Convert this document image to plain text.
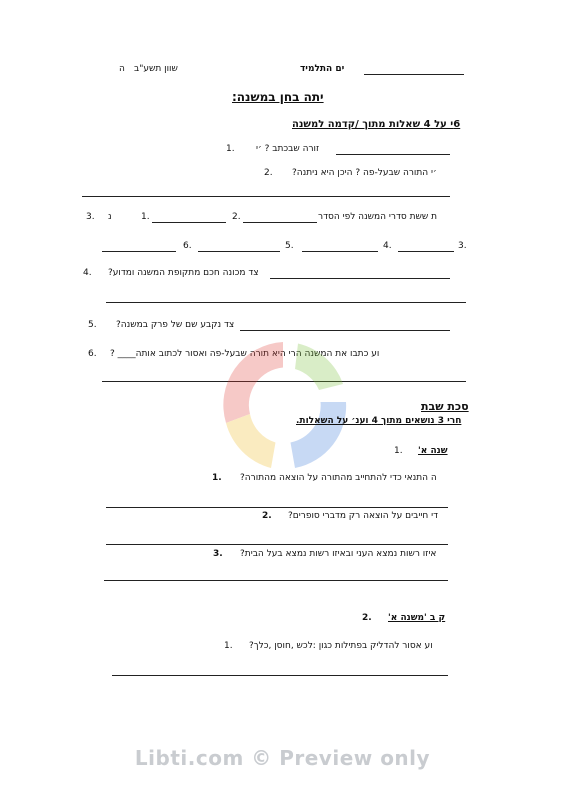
ים התלמיד
שוון תשע"ב
ה
יתה בחן במשנה:
6י על 4 שאלות מתוך /קדמה למשנה
זורה שבכתב ? ׳י
1.
׳י התורה שבעל-פה ? היכן היא ניתנה?
2.
ת ששת סדרי המשנה לפי הסדר
2.
1.
נ
3.
3.
4.
5.
6.
צד מכונה חכם מתקופת המשנה ומדוע?
4.
צד נקבע שם של פרק במשנה?
5.
וע כתבו את המשנה הרי היא תורה שבעל-פה ואסור לכתוב אותה____ ?
6.
סכת שבת
חרי 3 נושאים מתוך 4 וענ׳ על השאלות.
שנה א'
1.
ה התנאי כדי להתחייב מהתורה על הוצאה מהתורה?
1.
די חייבים על הוצאה רק מדברי סופרים?
2.
איזו רשות נמצא העני ובאיזו רשות נמצא בעל הבית?
3.
ק ב 'משנה א'
2.
וע אסור להדליק בפתילות כגון :לכש ,חוסן ,כלך?
1.
Libti.com © Preview only
